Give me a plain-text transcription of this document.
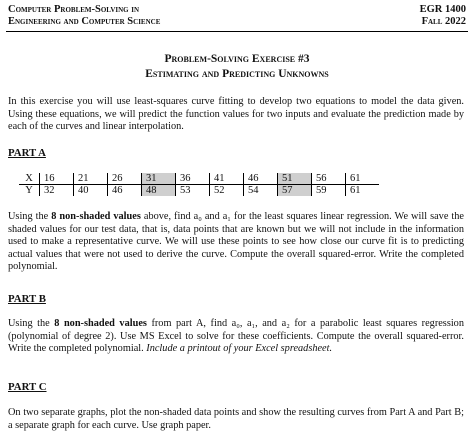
Computer Problem-Solving in
Engineering and Computer Science
EGR 1400
Fall 2022
Problem-Solving Exercise #3
Estimating and Predicting Unknowns
In this exercise you will use least-squares curve fitting to develop two equations to model the data given. Using these equations, we will predict the function values for two inputs and evaluate the prediction made by each of the curves and linear interpolation.
PART A
X	16	21	26	31	36	41	46	51	56	61
Y	32	40	46	48	53	52	54	57	59	61
Using the 8 non-shaded values above, find a₀ and a₁ for the least squares linear regression. We will save the shaded values for our test data, that is, data points that are known but we will not include in the information used to make a representative curve. We will use these points to see how close our curve fit is to predicting actual values that were not used to derive the curve. Compute the overall squared-error. Write the completed polynomial.
PART B
Using the 8 non-shaded values from part A, find a₀, a₁, and a₂ for a parabolic least squares regression (polynomial of degree 2). Use MS Excel to solve for these coefficients. Compute the overall squared-error. Write the completed polynomial. Include a printout of your Excel spreadsheet.
PART C
On two separate graphs, plot the non-shaded data points and show the resulting curves from Part A and Part B; a separate graph for each curve. Use graph paper.
